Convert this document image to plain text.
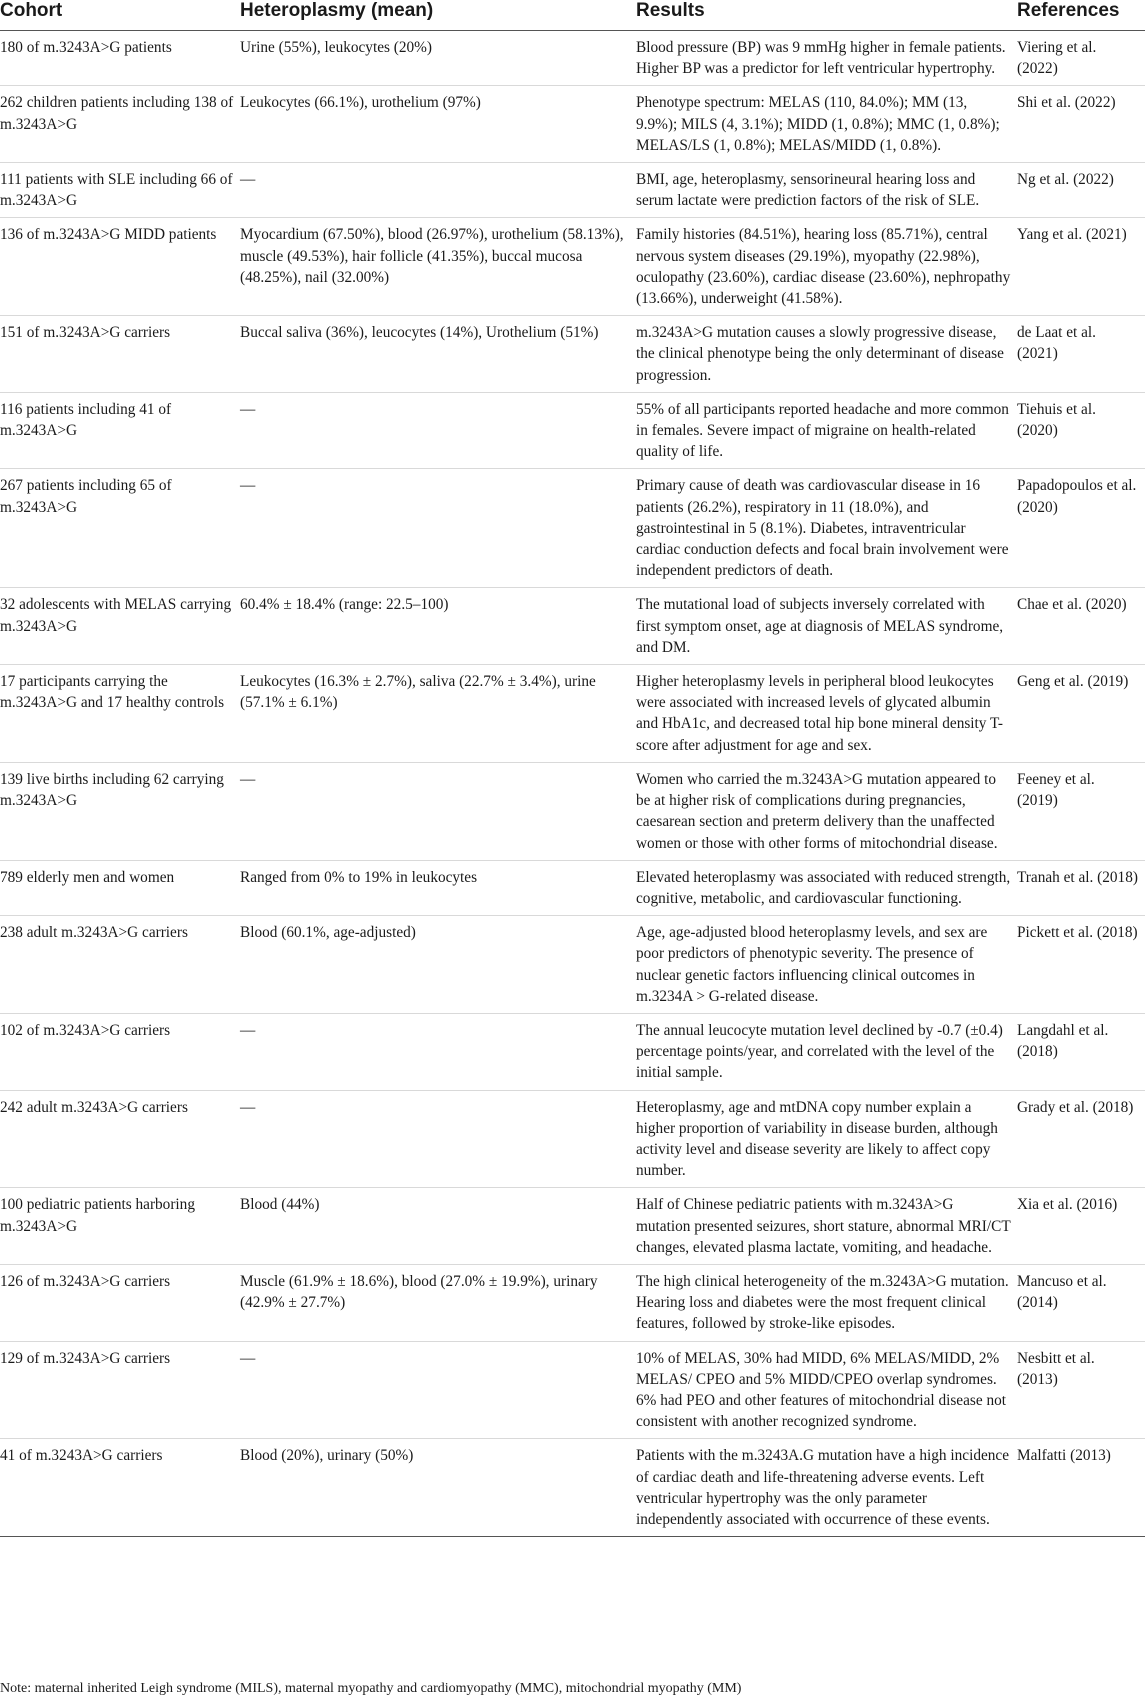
Cohort	Heteroplasmy (mean)	Results	References
180 of m.3243A>G patients	Urine (55%), leukocytes (20%)	Blood pressure (BP) was 9 mmHg higher in female patients. Higher BP was a predictor for left ventricular hypertrophy.	Viering et al. (2022)
262 children patients including 138 of m.3243A>G	Leukocytes (66.1%), urothelium (97%)	Phenotype spectrum: MELAS (110, 84.0%); MM (13, 9.9%); MILS (4, 3.1%); MIDD (1, 0.8%); MMC (1, 0.8%); MELAS/LS (1, 0.8%); MELAS/MIDD (1, 0.8%).	Shi et al. (2022)
111 patients with SLE including 66 of m.3243A>G	—	BMI, age, heteroplasmy, sensorineural hearing loss and serum lactate were prediction factors of the risk of SLE.	Ng et al. (2022)
136 of m.3243A>G MIDD patients	Myocardium (67.50%), blood (26.97%), urothelium (58.13%), muscle (49.53%), hair follicle (41.35%), buccal mucosa (48.25%), nail (32.00%)	Family histories (84.51%), hearing loss (85.71%), central nervous system diseases (29.19%), myopathy (22.98%), oculopathy (23.60%), cardiac disease (23.60%), nephropathy (13.66%), underweight (41.58%).	Yang et al. (2021)
151 of m.3243A>G carriers	Buccal saliva (36%), leucocytes (14%), Urothelium (51%)	m.3243A>G mutation causes a slowly progressive disease, the clinical phenotype being the only determinant of disease progression.	de Laat et al. (2021)
116 patients including 41 of m.3243A>G	—	55% of all participants reported headache and more common in females. Severe impact of migraine on health-related quality of life.	Tiehuis et al. (2020)
267 patients including 65 of m.3243A>G	—	Primary cause of death was cardiovascular disease in 16 patients (26.2%), respiratory in 11 (18.0%), and gastrointestinal in 5 (8.1%). Diabetes, intraventricular cardiac conduction defects and focal brain involvement were independent predictors of death.	Papadopoulos et al. (2020)
32 adolescents with MELAS carrying m.3243A>G	60.4% ± 18.4% (range: 22.5–100)	The mutational load of subjects inversely correlated with first symptom onset, age at diagnosis of MELAS syndrome, and DM.	Chae et al. (2020)
17 participants carrying the m.3243A>G and 17 healthy controls	Leukocytes (16.3% ± 2.7%), saliva (22.7% ± 3.4%), urine (57.1% ± 6.1%)	Higher heteroplasmy levels in peripheral blood leukocytes were associated with increased levels of glycated albumin and HbA1c, and decreased total hip bone mineral density T-score after adjustment for age and sex.	Geng et al. (2019)
139 live births including 62 carrying m.3243A>G	—	Women who carried the m.3243A>G mutation appeared to be at higher risk of complications during pregnancies, caesarean section and preterm delivery than the unaffected women or those with other forms of mitochondrial disease.	Feeney et al. (2019)
789 elderly men and women	Ranged from 0% to 19% in leukocytes	Elevated heteroplasmy was associated with reduced strength, cognitive, metabolic, and cardiovascular functioning.	Tranah et al. (2018)
238 adult m.3243A>G carriers	Blood (60.1%, age-adjusted)	Age, age-adjusted blood heteroplasmy levels, and sex are poor predictors of phenotypic severity. The presence of nuclear genetic factors influencing clinical outcomes in m.3234A > G-related disease.	Pickett et al. (2018)
102 of m.3243A>G carriers	—	The annual leucocyte mutation level declined by -0.7 (±0.4) percentage points/year, and correlated with the level of the initial sample.	Langdahl et al. (2018)
242 adult m.3243A>G carriers	—	Heteroplasmy, age and mtDNA copy number explain a higher proportion of variability in disease burden, although activity level and disease severity are likely to affect copy number.	Grady et al. (2018)
100 pediatric patients harboring m.3243A>G	Blood (44%)	Half of Chinese pediatric patients with m.3243A>G mutation presented seizures, short stature, abnormal MRI/CT changes, elevated plasma lactate, vomiting, and headache.	Xia et al. (2016)
126 of m.3243A>G carriers	Muscle (61.9% ± 18.6%), blood (27.0% ± 19.9%), urinary (42.9% ± 27.7%)	The high clinical heterogeneity of the m.3243A>G mutation. Hearing loss and diabetes were the most frequent clinical features, followed by stroke-like episodes.	Mancuso et al. (2014)
129 of m.3243A>G carriers	—	10% of MELAS, 30% had MIDD, 6% MELAS/MIDD, 2% MELAS/ CPEO and 5% MIDD/CPEO overlap syndromes. 6% had PEO and other features of mitochondrial disease not consistent with another recognized syndrome.	Nesbitt et al. (2013)
41 of m.3243A>G carriers	Blood (20%), urinary (50%)	Patients with the m.3243A.G mutation have a high incidence of cardiac death and life-threatening adverse events. Left ventricular hypertrophy was the only parameter independently associated with occurrence of these events.	Malfatti (2013)
Note: maternal inherited Leigh syndrome (MILS), maternal myopathy and cardiomyopathy (MMC), mitochondrial myopathy (MM)
